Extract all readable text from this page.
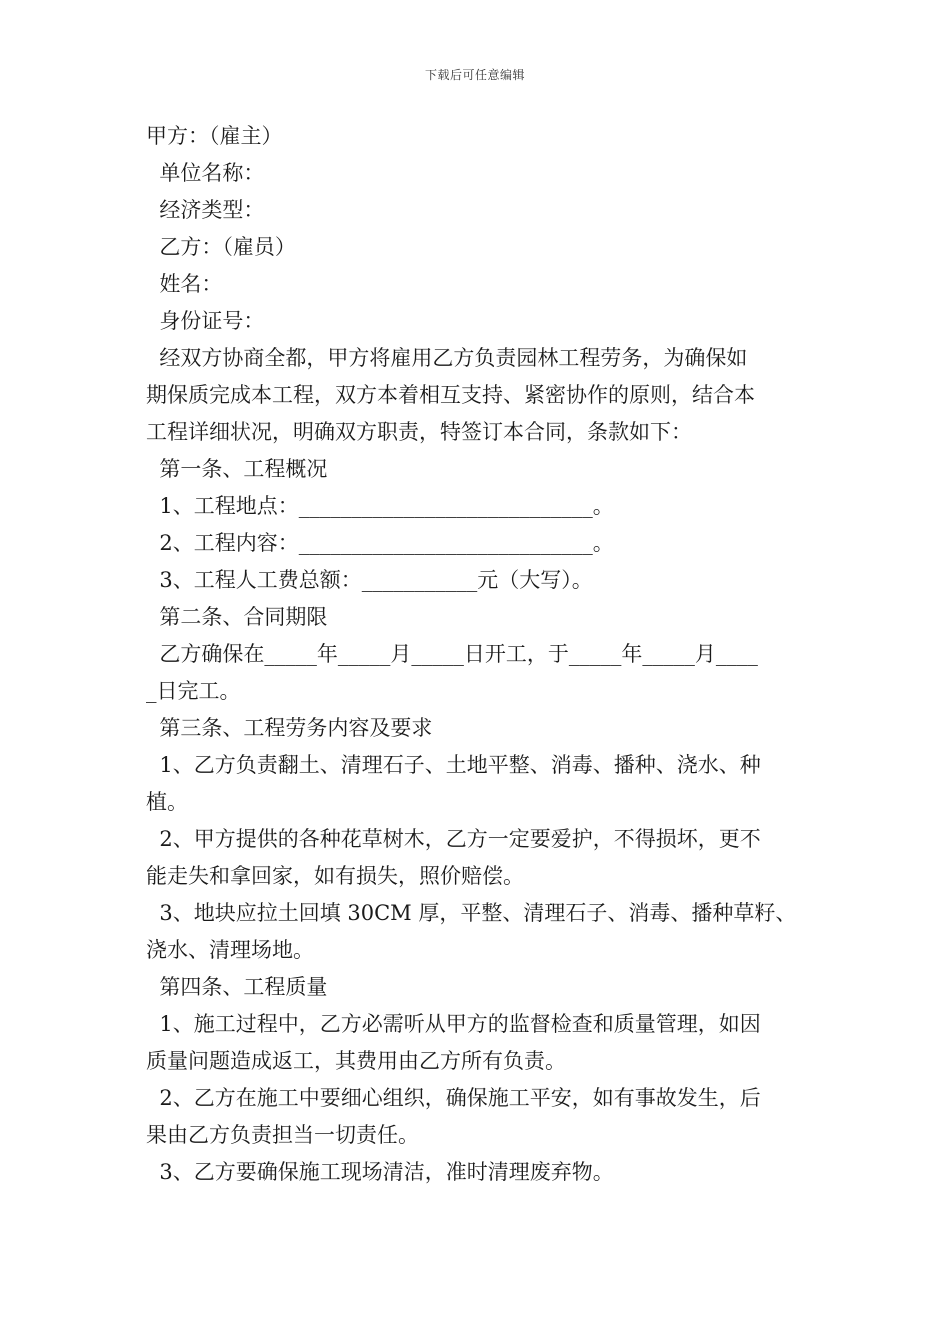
下载后可任意编辑
甲方：（雇主）
单位名称：
经济类型：
乙方：（雇员）
姓名：
身份证号：
经双方协商全都，甲方将雇用乙方负责园林工程劳务，为确保如
期保质完成本工程，双方本着相互支持、紧密协作的原则，结合本
工程详细状况，明确双方职责，特签订本合同，条款如下：
第一条、工程概况
1、工程地点：____________________________。
2、工程内容：____________________________。
3、工程人工费总额：___________元（大写）。
第二条、合同期限
乙方确保在_____年_____月_____日开工，于_____年_____月____
_日完工。
第三条、工程劳务内容及要求
1、乙方负责翻土、清理石子、土地平整、消毒、播种、浇水、种
植。
2、甲方提供的各种花草树木，乙方一定要爱护，不得损坏，更不
能走失和拿回家，如有损失，照价赔偿。
3、地块应拉土回填 30CM 厚，平整、清理石子、消毒、播种草籽、
浇水、清理场地。
第四条、工程质量
1、施工过程中，乙方必需听从甲方的监督检查和质量管理，如因
质量问题造成返工，其费用由乙方所有负责。
2、乙方在施工中要细心组织，确保施工平安，如有事故发生，后
果由乙方负责担当一切责任。
3、乙方要确保施工现场清洁，准时清理废弃物。
